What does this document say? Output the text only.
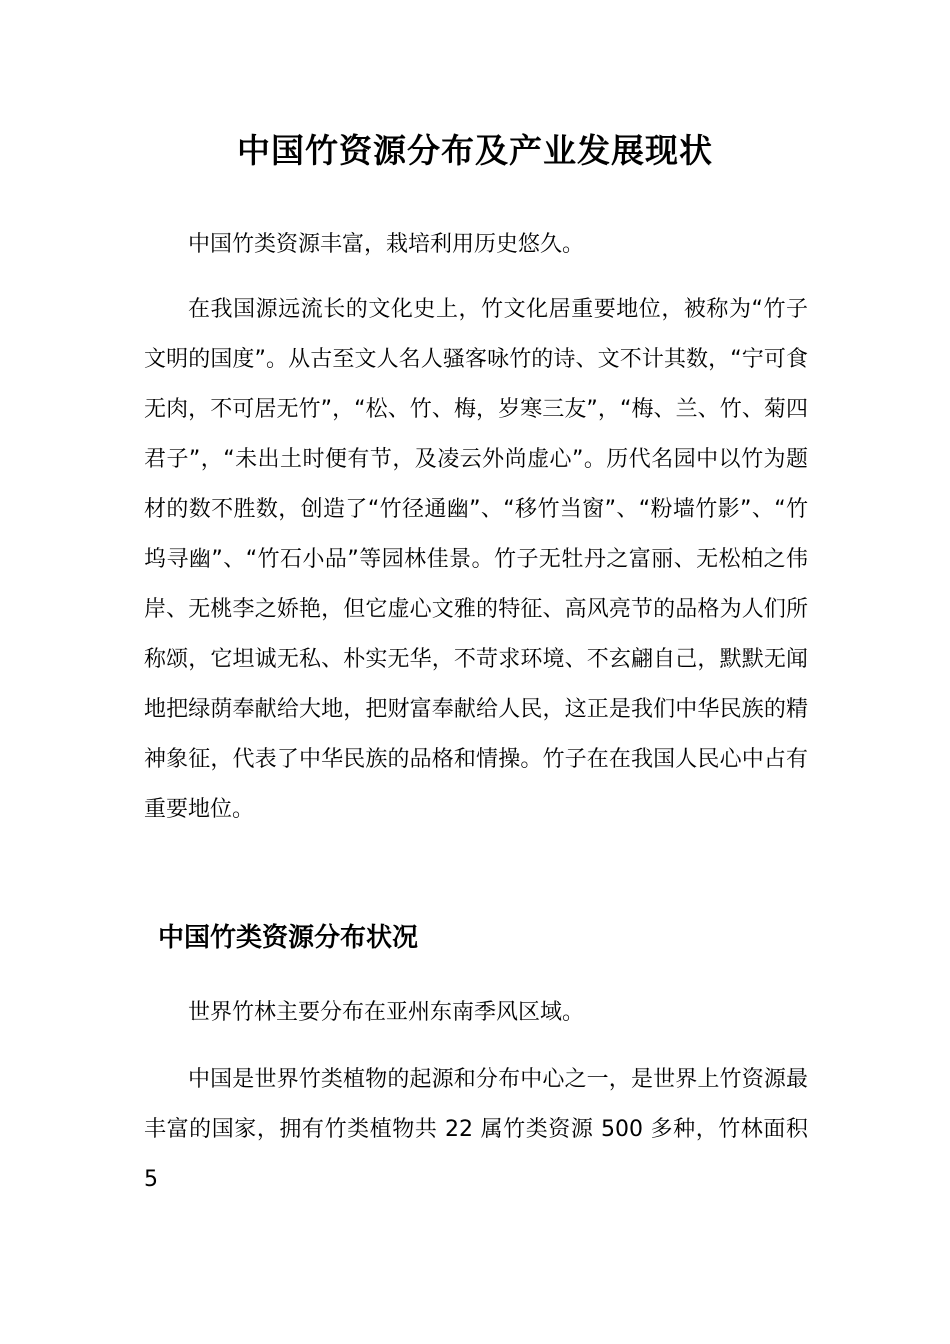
中国竹资源分布及产业发展现状

中国竹类资源丰富，栽培利用历史悠久。

在我国源远流长的文化史上，竹文化居重要地位，被称为“竹子文明的国度”。从古至文人名人骚客咏竹的诗、文不计其数，“宁可食无肉，不可居无竹”，“松、竹、梅，岁寒三友”，“梅、兰、竹、菊四君子”，“未出土时便有节，及凌云外尚虚心”。历代名园中以竹为题材的数不胜数，创造了“竹径通幽”、“移竹当窗”、“粉墙竹影”、“竹坞寻幽”、“竹石小品”等园林佳景。竹子无牡丹之富丽、无松柏之伟岸、无桃李之娇艳，但它虚心文雅的特征、高风亮节的品格为人们所称颂，它坦诚无私、朴实无华，不苛求环境、不玄翩自己，默默无闻地把绿荫奉献给大地，把财富奉献给人民，这正是我们中华民族的精神象征，代表了中华民族的品格和情操。竹子在在我国人民心中占有重要地位。

中国竹类资源分布状况

世界竹林主要分布在亚州东南季风区域。

中国是世界竹类植物的起源和分布中心之一，是世界上竹资源最丰富的国家，拥有竹类植物共 22 属竹类资源 500 多种，竹林面积 5
